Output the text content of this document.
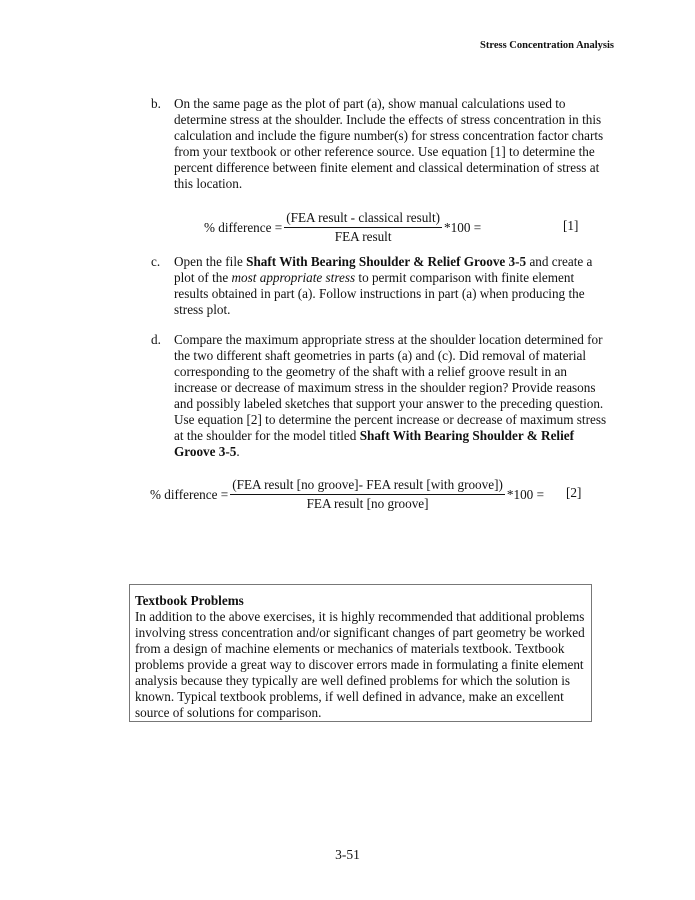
Stress Concentration Analysis
b. On the same page as the plot of part (a), show manual calculations used to determine stress at the shoulder. Include the effects of stress concentration in this calculation and include the figure number(s) for stress concentration factor charts from your textbook or other reference source. Use equation [1] to determine the percent difference between finite element and classical determination of stress at this location.
% difference = $\frac{\text{(FEA result - classical result)}}{\text{FEA result}} *100$ =	[1]
c. Open the file Shaft With Bearing Shoulder & Relief Groove 3-5 and create a plot of the most appropriate stress to permit comparison with finite element results obtained in part (a). Follow instructions in part (a) when producing the stress plot.
d. Compare the maximum appropriate stress at the shoulder location determined for the two different shaft geometries in parts (a) and (c). Did removal of material corresponding to the geometry of the shaft with a relief groove result in an increase or decrease of maximum stress in the shoulder region? Provide reasons and possibly labeled sketches that support your answer to the preceding question. Use equation [2] to determine the percent increase or decrease of maximum stress at the shoulder for the model titled Shaft With Bearing Shoulder & Relief Groove 3-5.
% difference = $\frac{\text{(FEA result [no groove]- FEA result [with groove])}}{\text{FEA result [no groove]}} *100 = [2]$
Textbook Problems
In addition to the above exercises, it is highly recommended that additional problems involving stress concentration and/or significant changes of part geometry be worked from a design of machine elements or mechanics of materials textbook. Textbook problems provide a great way to discover errors made in formulating a finite element analysis because they typically are well defined problems for which the solution is known. Typical textbook problems, if well defined in advance, make an excellent source of solutions for comparison.
3-51
